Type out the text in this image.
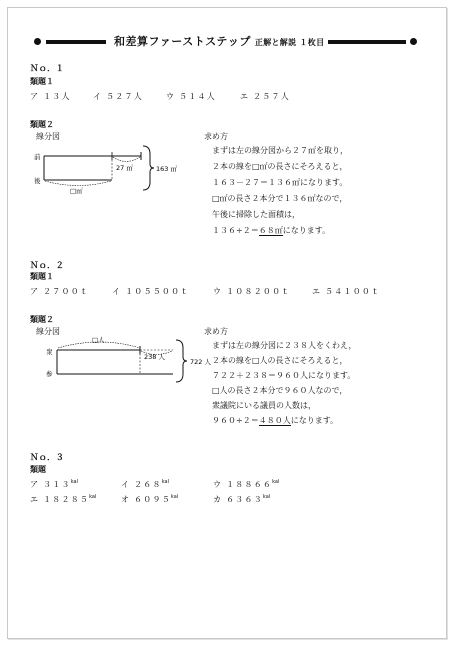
和差算ファーストステップ 正解と解説 １枚目
Ｎｏ．１
類題１
ア １３人	イ ５２７人	ウ ５１４人	エ ２５７人
類題２
線分図
前
後
27 ㎡
□㎡
163 ㎡
求め方
まずは左の線分図から２７㎡を取り，
２本の線を□㎡の長さにそろえると，
１６３－２７＝１３６㎡になります。
□㎡の長さ２本分で１３６㎡なので，
午後に掃除した面積は，
１３６÷２＝６８㎡になります。
Ｎｏ．２
類題１
ア ２７００ｔ	イ １０５５００ｔ	ウ １０８２００ｔ	エ ５４１００ｔ
類題２
線分図
□人
衆
参
238 人
722 人
求め方
まずは左の線分図に２３８人をくわえ，
２本の線を□人の長さにそろえると，
７２２＋２３８＝９６０人になります。
□人の長さ２本分で９６０人なので，
衆議院にいる議員の人数は，
９６０÷２＝４８０人になります。
Ｎｏ．３
類題
ア $313^{kal}$	イ $268^{kal}$	ウ $18866^{kal}$
エ $18285^{kal}$	オ $6095^{kal}$	カ $6363^{kal}$
